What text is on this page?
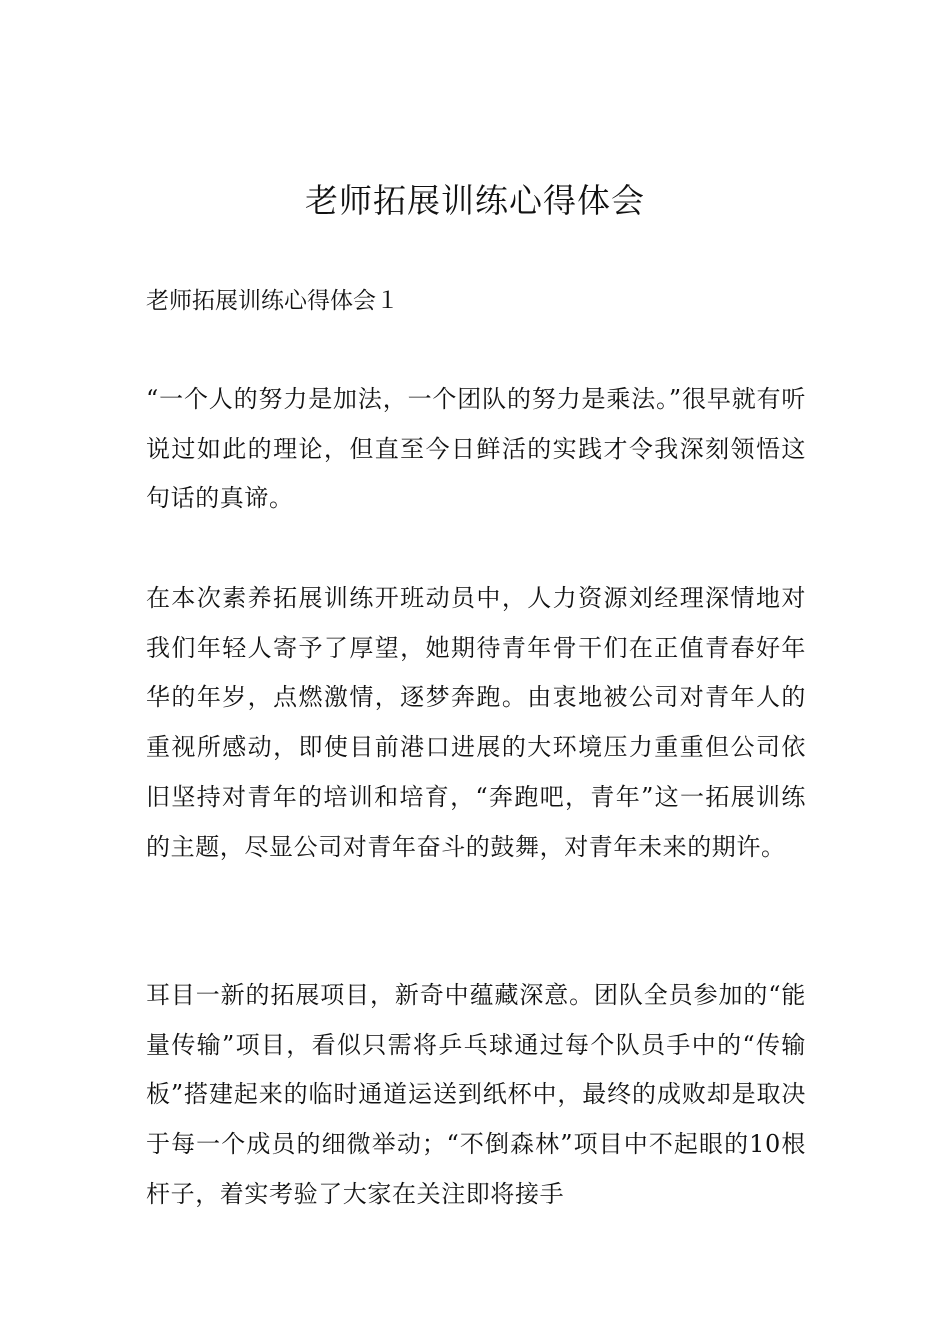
老师拓展训练心得体会
老师拓展训练心得体会１

“一个人的努力是加法，一个团队的努力是乘法。”很早就有听说过如此的理论，但直至今日鲜活的实践才令我深刻领悟这句话的真谛。

在本次素养拓展训练开班动员中，人力资源刘经理深情地对我们年轻人寄予了厚望，她期待青年骨干们在正值青春好年华的年岁，点燃激情，逐梦奔跑。由衷地被公司对青年人的重视所感动，即使目前港口进展的大环境压力重重但公司依旧坚持对青年的培训和培育，“奔跑吧，青年”这一拓展训练的主题，尽显公司对青年奋斗的鼓舞，对青年未来的期许。

耳目一新的拓展项目，新奇中蕴藏深意。团队全员参加的“能量传输”项目，看似只需将乒乓球通过每个队员手中的“传输板”搭建起来的临时通道运送到纸杯中，最终的成败却是取决于每一个成员的细微举动；“不倒森林”项目中不起眼的10根杆子，着实考验了大家在关注即将接手
